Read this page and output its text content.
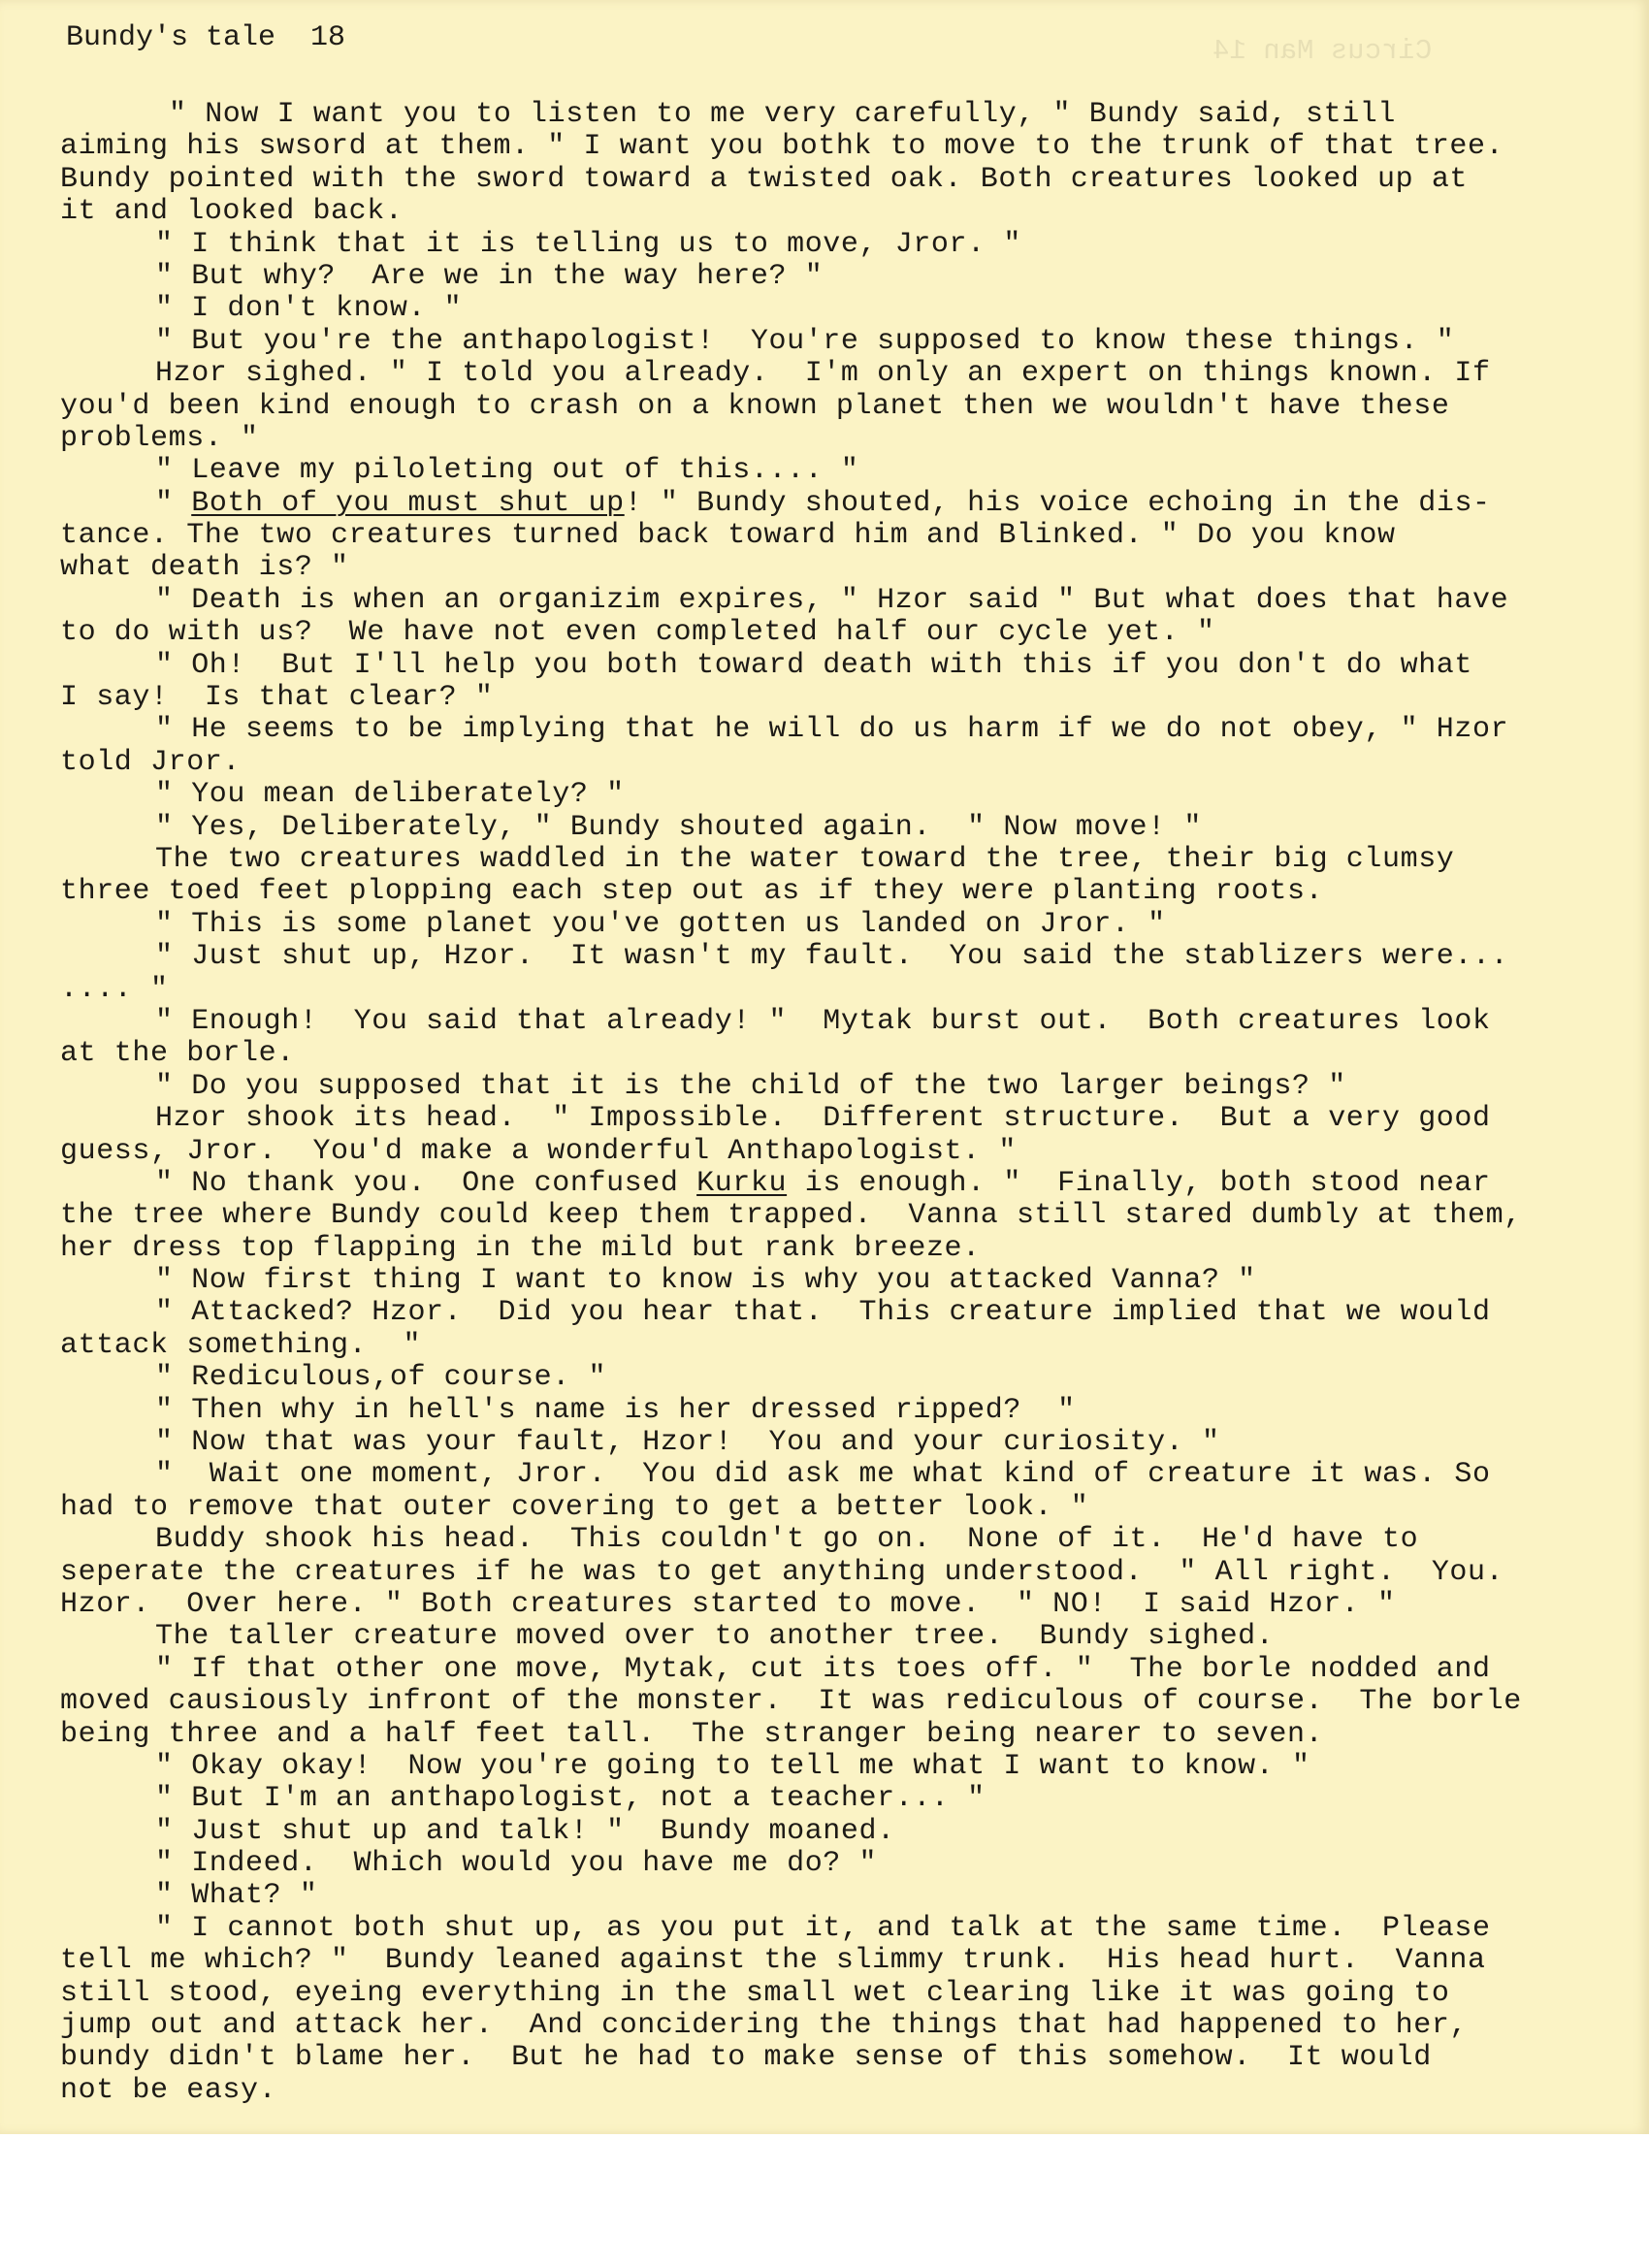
Bundy's tale  18	Circus Man 14
" Now I want you to listen to me very carefully, " Bundy said, still
aiming his swsord at them. " I want you bothk to move to the trunk of that tree.
Bundy pointed with the sword toward a twisted oak. Both creatures looked up at
it and looked back.
" I think that it is telling us to move, Jror. "
" But why?  Are we in the way here? "
" I don't know. "
" But you're the anthapologist!  You're supposed to know these things. "
Hzor sighed. " I told you already.  I'm only an expert on things known. If
you'd been kind enough to crash on a known planet then we wouldn't have these
problems. "
" Leave my piloleting out of this.... "
" Both of you must shut up! " Bundy shouted, his voice echoing in the dis-
tance. The two creatures turned back toward him and Blinked. " Do you know
what death is? "
" Death is when an organizim expires, " Hzor said " But what does that have
to do with us?  We have not even completed half our cycle yet. "
" Oh!  But I'll help you both toward death with this if you don't do what
I say!  Is that clear? "
" He seems to be implying that he will do us harm if we do not obey, " Hzor
told Jror.
" You mean deliberately? "
" Yes, Deliberately, " Bundy shouted again.  " Now move! "
The two creatures waddled in the water toward the tree, their big clumsy
three toed feet plopping each step out as if they were planting roots.
" This is some planet you've gotten us landed on Jror. "
" Just shut up, Hzor.  It wasn't my fault.  You said the stablizers were...
.... "
" Enough!  You said that already! "  Mytak burst out.  Both creatures look
at the borle.
" Do you supposed that it is the child of the two larger beings? "
Hzor shook its head.  " Impossible.  Different structure.  But a very good
guess, Jror.  You'd make a wonderful Anthapologist. "
" No thank you.  One confused Kurku is enough. "  Finally, both stood near
the tree where Bundy could keep them trapped.  Vanna still stared dumbly at them,
her dress top flapping in the mild but rank breeze.
" Now first thing I want to know is why you attacked Vanna? "
" Attacked? Hzor.  Did you hear that.  This creature implied that we would
attack something.  "
" Rediculous,of course. "
" Then why in hell's name is her dressed ripped?  "
" Now that was your fault, Hzor!  You and your curiosity. "
"  Wait one moment, Jror.  You did ask me what kind of creature it was. So
had to remove that outer covering to get a better look. "
Buddy shook his head.  This couldn't go on.  None of it.  He'd have to
seperate the creatures if he was to get anything understood.  " All right.  You.
Hzor.  Over here. " Both creatures started to move.  " NO!  I said Hzor. "
The taller creature moved over to another tree.  Bundy sighed.
" If that other one move, Mytak, cut its toes off. "  The borle nodded and
moved causiously infront of the monster.  It was rediculous of course.  The borle
being three and a half feet tall.  The stranger being nearer to seven.
" Okay okay!  Now you're going to tell me what I want to know. "
" But I'm an anthapologist, not a teacher... "
" Just shut up and talk! "  Bundy moaned.
" Indeed.  Which would you have me do? "
" What? "
" I cannot both shut up, as you put it, and talk at the same time.  Please
tell me which? "  Bundy leaned against the slimmy trunk.  His head hurt.  Vanna
still stood, eyeing everything in the small wet clearing like it was going to
jump out and attack her.  And concidering the things that had happened to her,
bundy didn't blame her.  But he had to make sense of this somehow.  It would
not be easy.
